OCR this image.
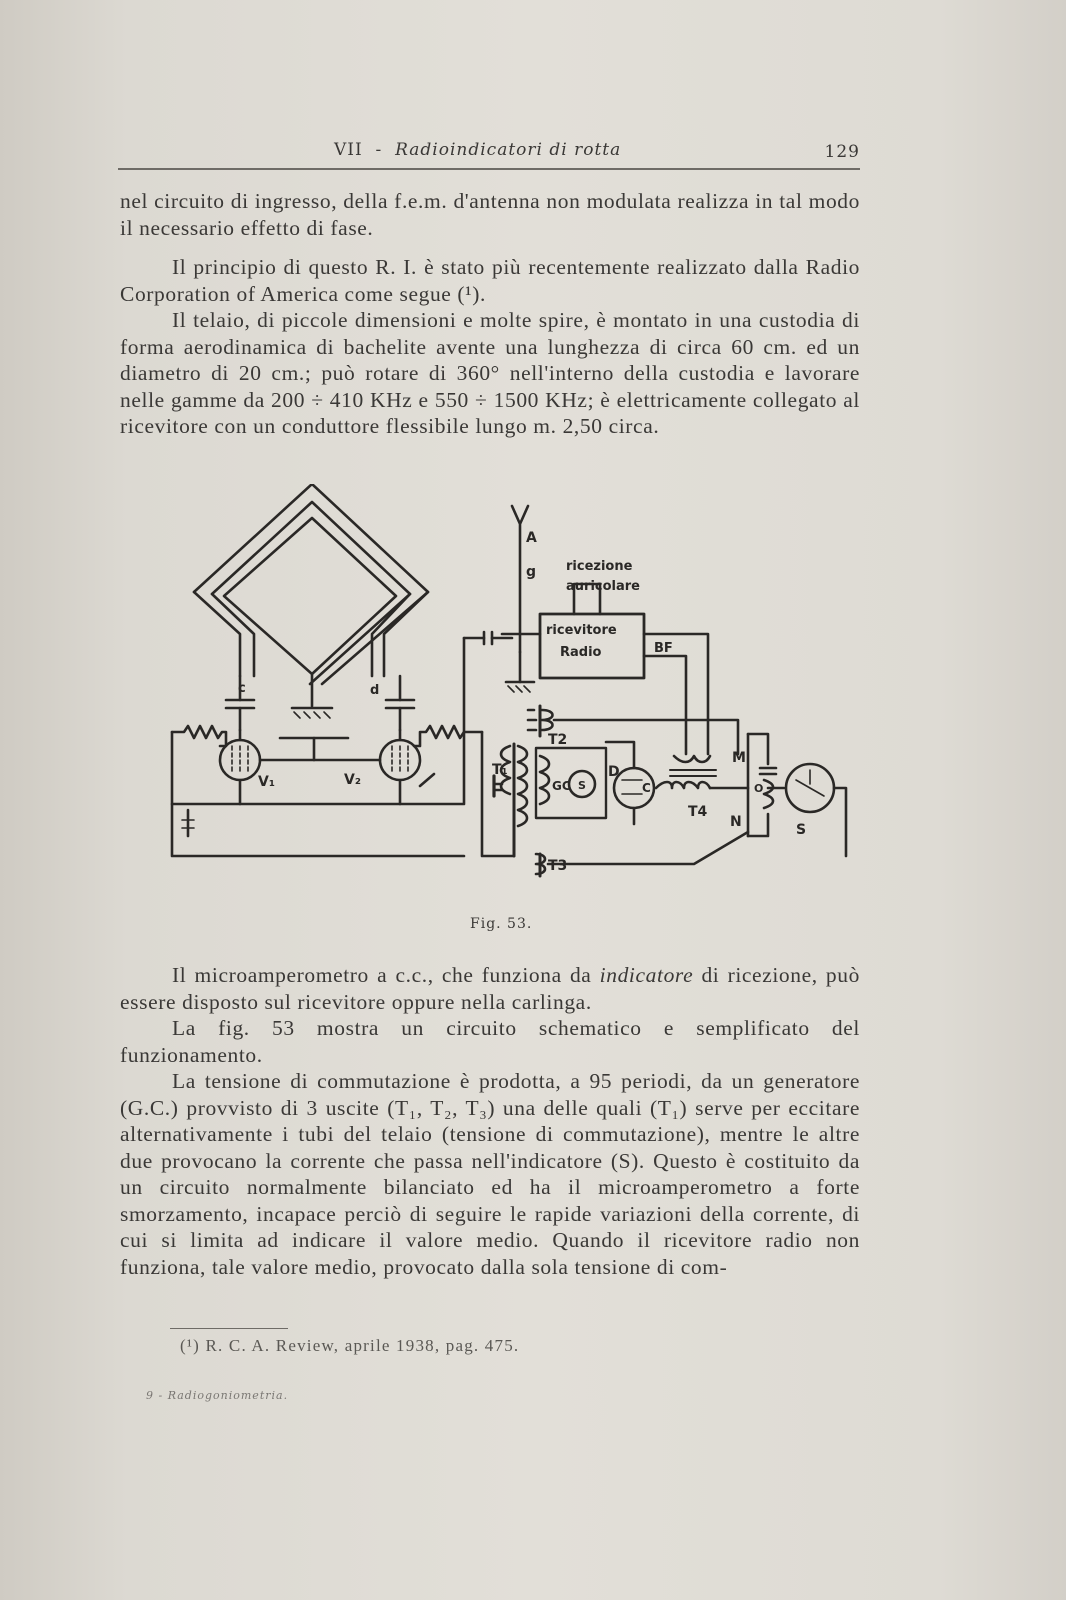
VII - Radioindicatori di rotta	129

nel circuito di ingresso, della f.e.m. d'antenna non modulata realizza in tal modo il necessario effetto di fase.

Il principio di questo R. I. è stato più recentemente realizzato dalla Radio Corporation of America come segue (¹).

Il telaio, di piccole dimensioni e molte spire, è montato in una custodia di forma aerodinamica di bachelite avente una lunghezza di circa 60 cm. ed un diametro di 20 cm.; può rotare di 360° nell'interno della custodia e lavorare nelle gamme da 200 ÷ 410 KHz e 550 ÷ 1500 KHz; è elettricamente collegato al ricevitore con un conduttore flessibile lungo m. 2,50 circa.

A
g ricezione
auricolare
ricevitore
Radio	BF
c	d
V₁	V₂
T₁
T2
T3
T4
GC S
D
C
M
N
O
S
Fig. 53.

Il microamperometro a c.c., che funziona da indicatore di ricezione, può essere disposto sul ricevitore oppure nella carlinga.

La fig. 53 mostra un circuito schematico e semplificato del funzionamento.

La tensione di commutazione è prodotta, a 95 periodi, da un generatore (G.C.) provvisto di 3 uscite (T₁, T₂, T₃) una delle quali (T₁) serve per eccitare alternativamente i tubi del telaio (tensione di commutazione), mentre le altre due provocano la corrente che passa nell'indicatore (S). Questo è costituito da un circuito normalmente bilanciato ed ha il microamperometro a forte smorzamento, incapace perciò di seguire le rapide variazioni della corrente, di cui si limita ad indicare il valore medio. Quando il ricevitore radio non funziona, tale valore medio, provocato dalla sola tensione di com-

(¹) R. C. A. Review, aprile 1938, pag. 475.
9 - Radiogoniometria.
